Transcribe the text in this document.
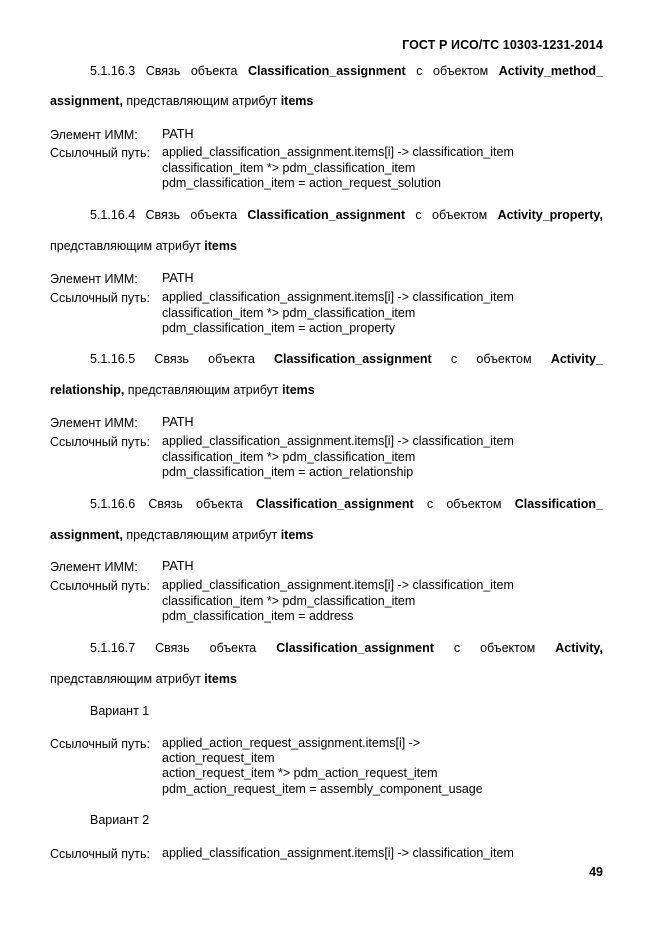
ГОСТ Р ИСО/ТС 10303-1231-2014
5.1.16.3 Связь объекта Classification_assignment с объектом Activity_method_
assignment, представляющим атрибут items
Элемент ИММ: PATH
Ссылочный путь: applied_classification_assignment.items[i] -> classification_item
classification_item *> pdm_classification_item
pdm_classification_item = action_request_solution
5.1.16.4 Связь объекта Classification_assignment с объектом Activity_property,
представляющим атрибут items
Элемент ИММ: PATH
Ссылочный путь: applied_classification_assignment.items[i] -> classification_item
classification_item *> pdm_classification_item
pdm_classification_item = action_property
5.1.16.5 Связь объекта Classification_assignment с объектом Activity_
relationship, представляющим атрибут items
Элемент ИММ: PATH
Ссылочный путь: applied_classification_assignment.items[i] -> classification_item
classification_item *> pdm_classification_item
pdm_classification_item = action_relationship
5.1.16.6 Связь объекта Classification_assignment с объектом Classification_
assignment, представляющим атрибут items
Элемент ИММ: PATH
Ссылочный путь: applied_classification_assignment.items[i] -> classification_item
classification_item *> pdm_classification_item
pdm_classification_item = address
5.1.16.7 Связь объекта Classification_assignment с объектом Activity,
представляющим атрибут items
Вариант 1
Ссылочный путь: applied_action_request_assignment.items[i] ->
action_request_item
action_request_item *> pdm_action_request_item
pdm_action_request_item = assembly_component_usage
Вариант 2
Ссылочный путь: applied_classification_assignment.items[i] -> classification_item
49
